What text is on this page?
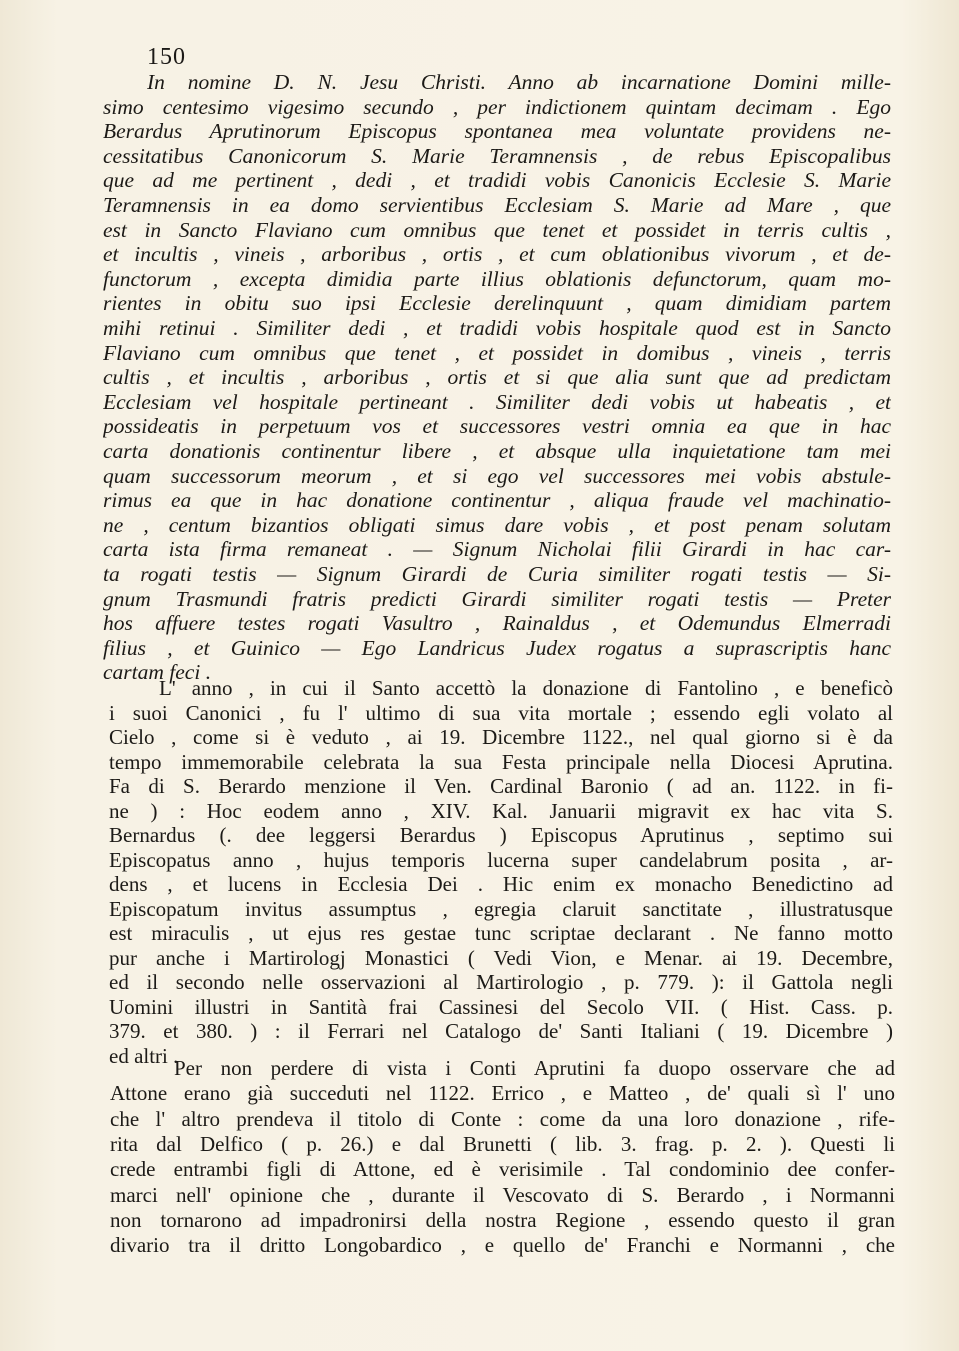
150
In nomine D. N. Jesu Christi. Anno ab incarnatione Domini mille-
simo centesimo vigesimo secundo , per indictionem quintam decimam . Ego
Berardus Aprutinorum Episcopus spontanea mea voluntate providens ne-
cessitatibus Canonicorum S. Marie Teramnensis , de rebus Episcopalibus
que ad me pertinent , dedi , et tradidi vobis Canonicis Ecclesie S. Marie
Teramnensis in ea domo servientibus Ecclesiam S. Marie ad Mare , que
est in Sancto Flaviano cum omnibus que tenet et possidet in terris cultis ,
et incultis , vineis , arboribus , ortis , et cum oblationibus vivorum , et de-
functorum , excepta dimidia parte illius oblationis defunctorum, quam mo-
rientes in obitu suo ipsi Ecclesie derelinquunt , quam dimidiam partem
mihi retinui . Similiter dedi , et tradidi vobis hospitale quod est in Sancto
Flaviano cum omnibus que tenet , et possidet in domibus , vineis , terris
cultis , et incultis , arboribus , ortis et si que alia sunt que ad predictam
Ecclesiam vel hospitale pertineant . Similiter dedi vobis ut habeatis , et
possideatis in perpetuum vos et successores vestri omnia ea que in hac
carta donationis continentur libere , et absque ulla inquietatione tam mei
quam successorum meorum , et si ego vel successores mei vobis abstule-
rimus ea que in hac donatione continentur , aliqua fraude vel machinatio-
ne , centum bizantios obligati simus dare vobis , et post penam solutam
carta ista firma remaneat . — Signum Nicholai filii Girardi in hac car-
ta rogati testis — Signum Girardi de Curia similiter rogati testis — Si-
gnum Trasmundi fratris predicti Girardi similiter rogati testis — Preter
hos affuere testes rogati Vasultro , Rainaldus , et Odemundus Elmerradi
filius , et Guinico — Ego Landricus Judex rogatus a suprascriptis hanc
cartam feci .
L' anno , in cui il Santo accettò la donazione di Fantolino , e beneficò
i suoi Canonici , fu l' ultimo di sua vita mortale ; essendo egli volato al
Cielo , come si è veduto , ai 19. Dicembre 1122., nel qual giorno si è da
tempo immemorabile celebrata la sua Festa principale nella Diocesi Aprutina.
Fa di S. Berardo menzione il Ven. Cardinal Baronio ( ad an. 1122. in fi-
ne ) : Hoc eodem anno , XIV. Kal. Januarii migravit ex hac vita S.
Bernardus (. dee leggersi Berardus ) Episcopus Aprutinus , septimo sui
Episcopatus anno , hujus temporis lucerna super candelabrum posita , ar-
dens , et lucens in Ecclesia Dei . Hic enim ex monacho Benedictino ad
Episcopatum invitus assumptus , egregia claruit sanctitate , illustratusque
est miraculis , ut ejus res gestae tunc scriptae declarant . Ne fanno motto
pur anche i Martirologj Monastici ( Vedi Vion, e Menar. ai 19. Decembre,
ed il secondo nelle osservazioni al Martirologio , p. 779. ): il Gattola negli
Uomini illustri in Santità frai Cassinesi del Secolo VII. ( Hist. Cass. p.
379. et 380. ) : il Ferrari nel Catalogo de' Santi Italiani ( 19. Dicembre )
ed altri .
Per non perdere di vista i Conti Aprutini fa duopo osservare che ad
Attone erano già succeduti nel 1122. Errico , e Matteo , de' quali sì l' uno
che l' altro prendeva il titolo di Conte : come da una loro donazione , rife-
rita dal Delfico ( p. 26.) e dal Brunetti ( lib. 3. frag. p. 2. ). Questi li
crede entrambi figli di Attone, ed è verisimile . Tal condominio dee confer-
marci nell' opinione che , durante il Vescovato di S. Berardo , i Normanni
non tornarono ad impadronirsi della nostra Regione , essendo questo il gran
divario tra il dritto Longobardico , e quello de' Franchi e Normanni , che
